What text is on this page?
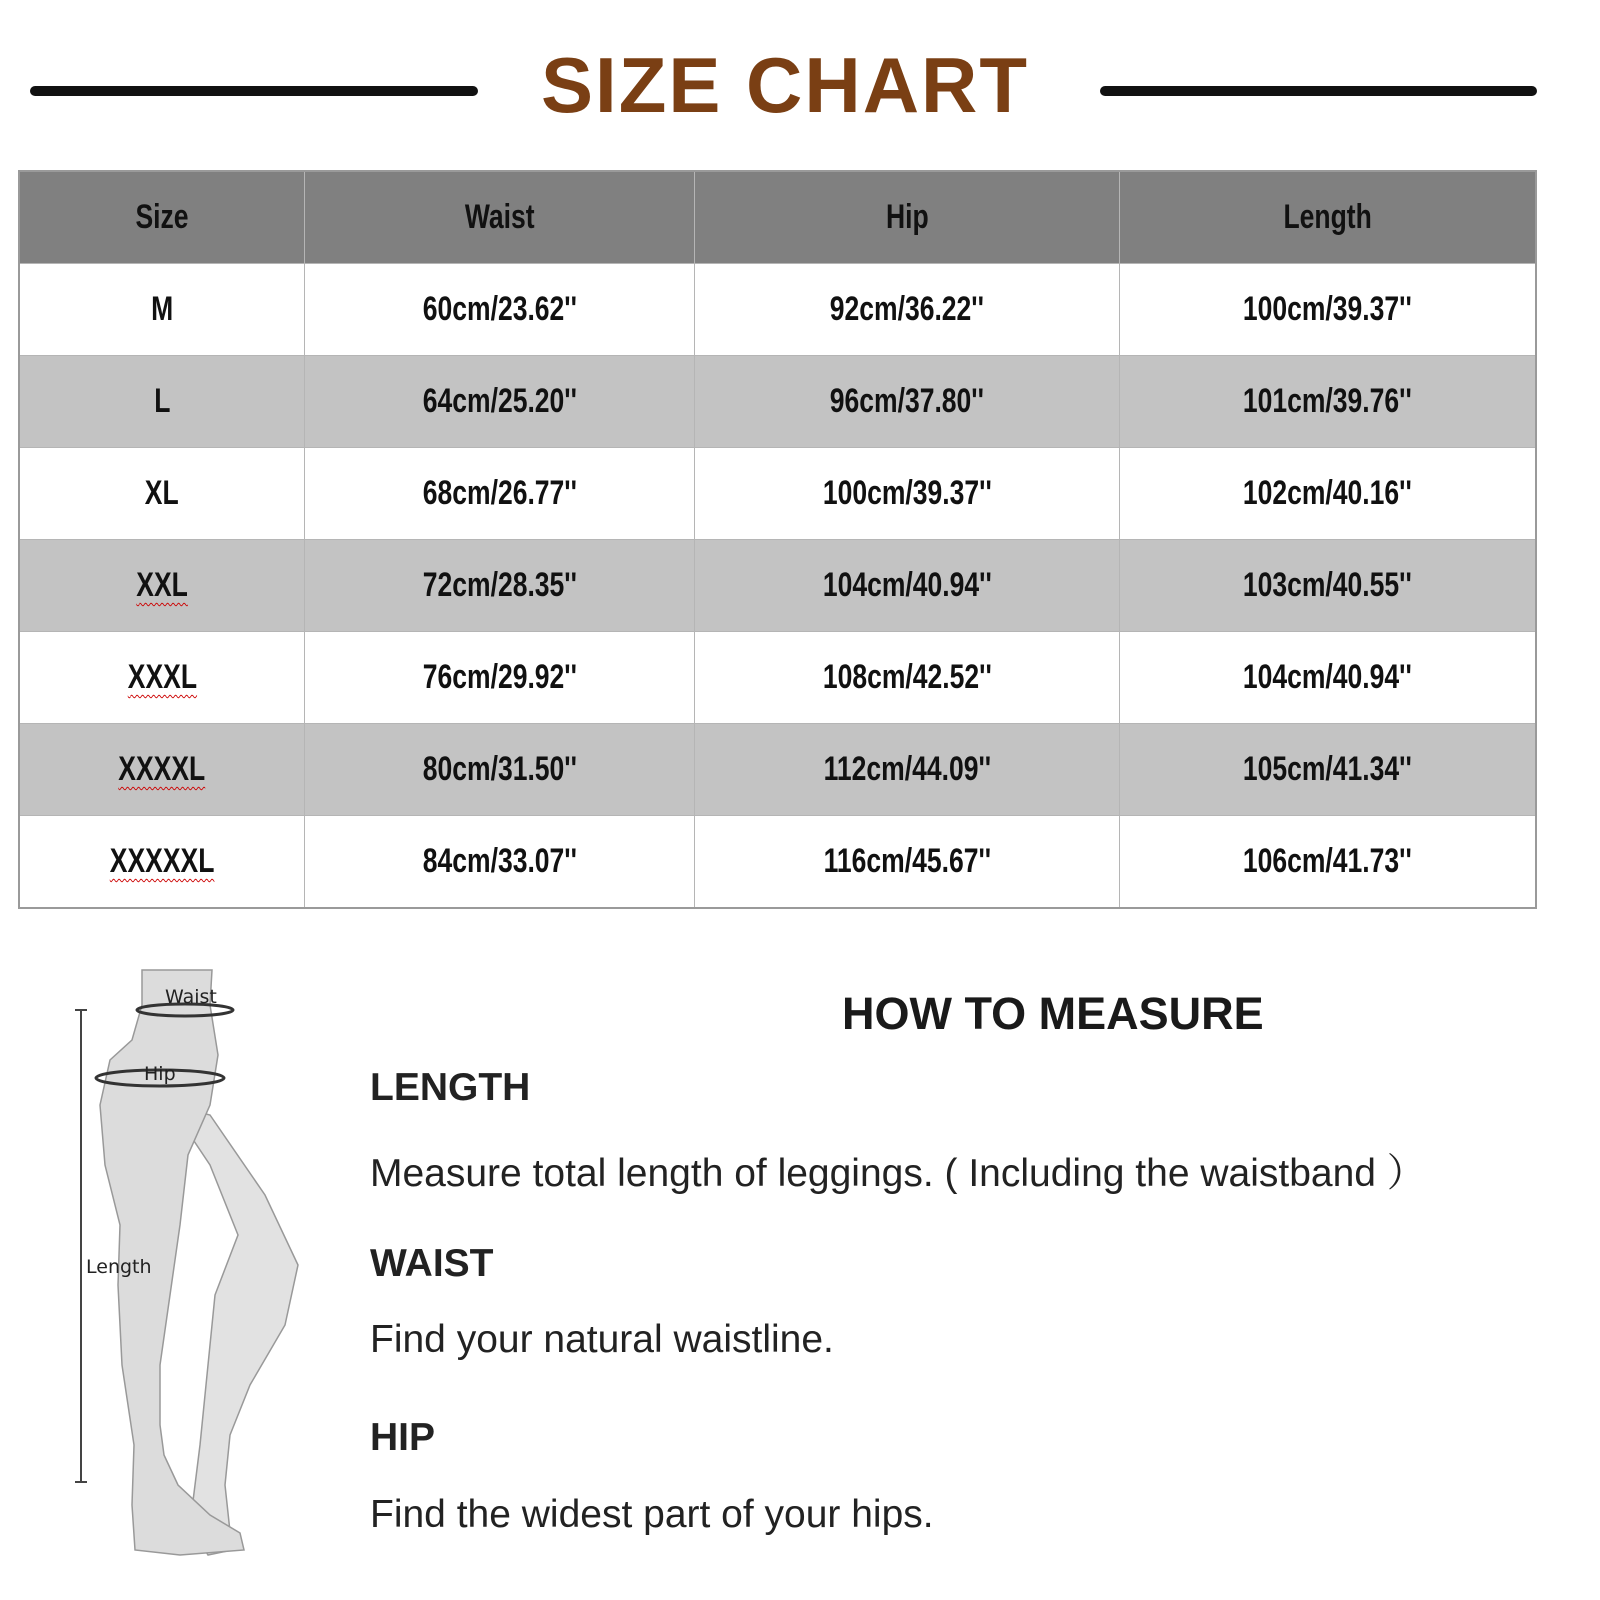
SIZE CHART
Size	Waist	Hip	Length
M	60cm/23.62''	92cm/36.22''	100cm/39.37''
L	64cm/25.20''	96cm/37.80''	101cm/39.76''
XL	68cm/26.77''	100cm/39.37''	102cm/40.16''
XXL	72cm/28.35''	104cm/40.94''	103cm/40.55''
XXXL	76cm/29.92''	108cm/42.52''	104cm/40.94''
XXXXL	80cm/31.50''	112cm/44.09''	105cm/41.34''
XXXXXL	84cm/33.07''	116cm/45.67''	106cm/41.73''
Waist
Hip
Length
HOW TO MEASURE
LENGTH
Measure total length of leggings. ( Including the waistband ）
WAIST
Find your natural waistline.
HIP
Find the widest part of your hips.
